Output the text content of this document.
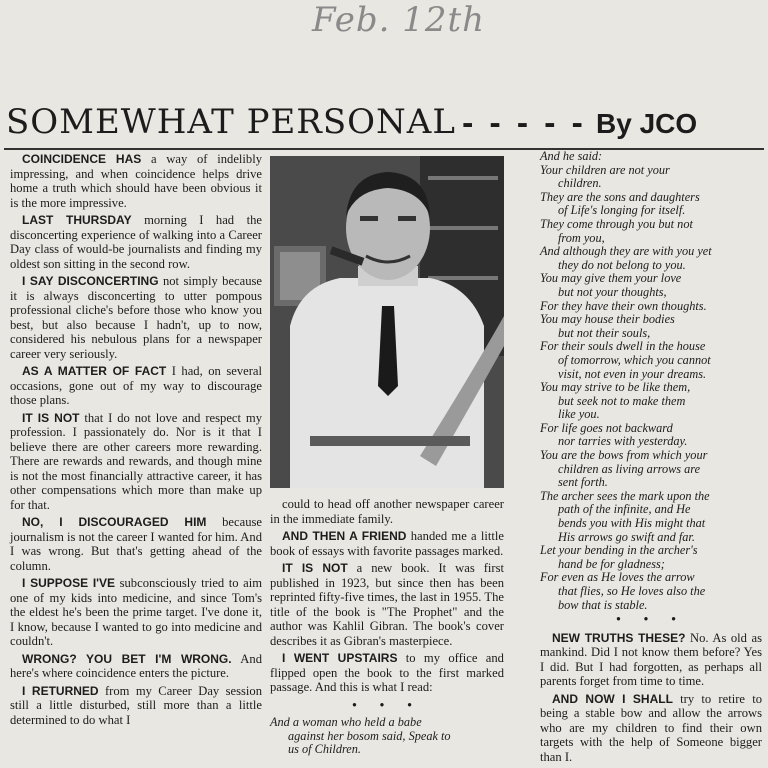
Feb. 12th
SOMEWHAT PERSONAL - - - - - By JCO

COINCIDENCE HAS a way of indelibly impressing, and when coincidence helps drive home a truth which should have been obvious it is the more impressive.

LAST THURSDAY morning I had the disconcerting experience of walking into a Career Day class of would-be journalists and finding my oldest son sitting in the second row.

I SAY DISCONCERTING not simply because it is always disconcerting to utter pompous professional cliche's before those who know you best, but also because I hadn't, up to now, considered his nebulous plans for a newspaper career very seriously.

AS A MATTER OF FACT I had, on several occasions, gone out of my way to discourage those plans.

IT IS NOT that I do not love and respect my profession. I passionately do. Nor is it that I believe there are other careers more rewarding. There are rewards and rewards, and though mine is not the most financially attractive career, it has other compensations which more than make up for that.

NO, I DISCOURAGED HIM because journalism is not the career I wanted for him. And I was wrong. But that's getting ahead of the column.

I SUPPOSE I'VE subconsciously tried to aim one of my kids into medicine, and since Tom's the eldest he's been the prime target. I've done it, I know, because I wanted to go into medicine and couldn't.

WRONG? YOU BET I'M WRONG. And here's where coincidence enters the picture.

I RETURNED from my Career Day session still a little disturbed, still more than a little determined to do what I

could to head off another newspaper career in the immediate family.

AND THEN A FRIEND handed me a little book of essays with favorite passages marked.

IT IS NOT a new book. It was first published in 1923, but since then has been reprinted fifty-five times, the last in 1955. The title of the book is "The Prophet" and the author was Kahlil Gibran. The book's cover describes it as Gibran's masterpiece.

I WENT UPSTAIRS to my office and flipped open the book to the first marked passage. And this is what I read:

• • •
And a woman who held a babe
against her bosom said, Speak to
us of Children.
And he said:
Your children are not your
children.
They are the sons and daughters
of Life's longing for itself.
They come through you but not
from you,
And although they are with you yet
they do not belong to you.
You may give them your love
but not your thoughts,
For they have their own thoughts.
You may house their bodies
but not their souls,
For their souls dwell in the house
of tomorrow, which you cannot
visit, not even in your dreams.
You may strive to be like them,
but seek not to make them
like you.
For life goes not backward
nor tarries with yesterday.
You are the bows from which your
children as living arrows are
sent forth.
The archer sees the mark upon the
path of the infinite, and He
bends you with His might that
His arrows go swift and far.
Let your bending in the archer's
hand be for gladness;
For even as He loves the arrow
that flies, so He loves also the
bow that is stable.
• • •

NEW TRUTHS THESE? No. As old as mankind. Did I not know them before? Yes I did. But I had forgotten, as perhaps all parents forget from time to time.

AND NOW I SHALL try to retire to being a stable bow and allow the arrows who are my children to find their own targets with the help of Someone bigger than I.
